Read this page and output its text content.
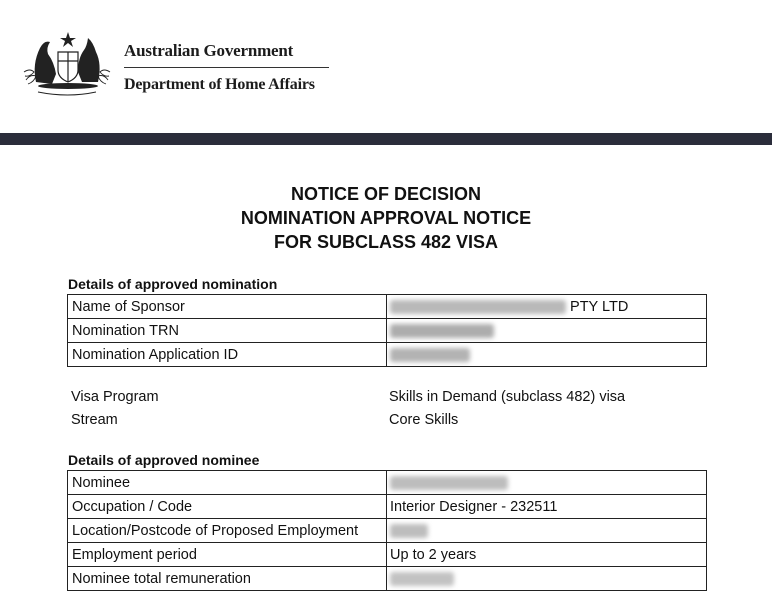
Australian Government
Department of Home Affairs
NOTICE OF DECISION
NOMINATION APPROVAL NOTICE
FOR SUBCLASS 482 VISA
Details of approved nomination
Name of Sponsor	PTY LTD
Nomination TRN	
Nomination Application ID	
Visa Program	Skills in Demand (subclass 482) visa
Stream	Core Skills
Details of approved nominee
Nominee	
Occupation / Code	Interior Designer - 232511
Location/Postcode of Proposed Employment	
Employment period	Up to 2 years
Nominee total remuneration	
